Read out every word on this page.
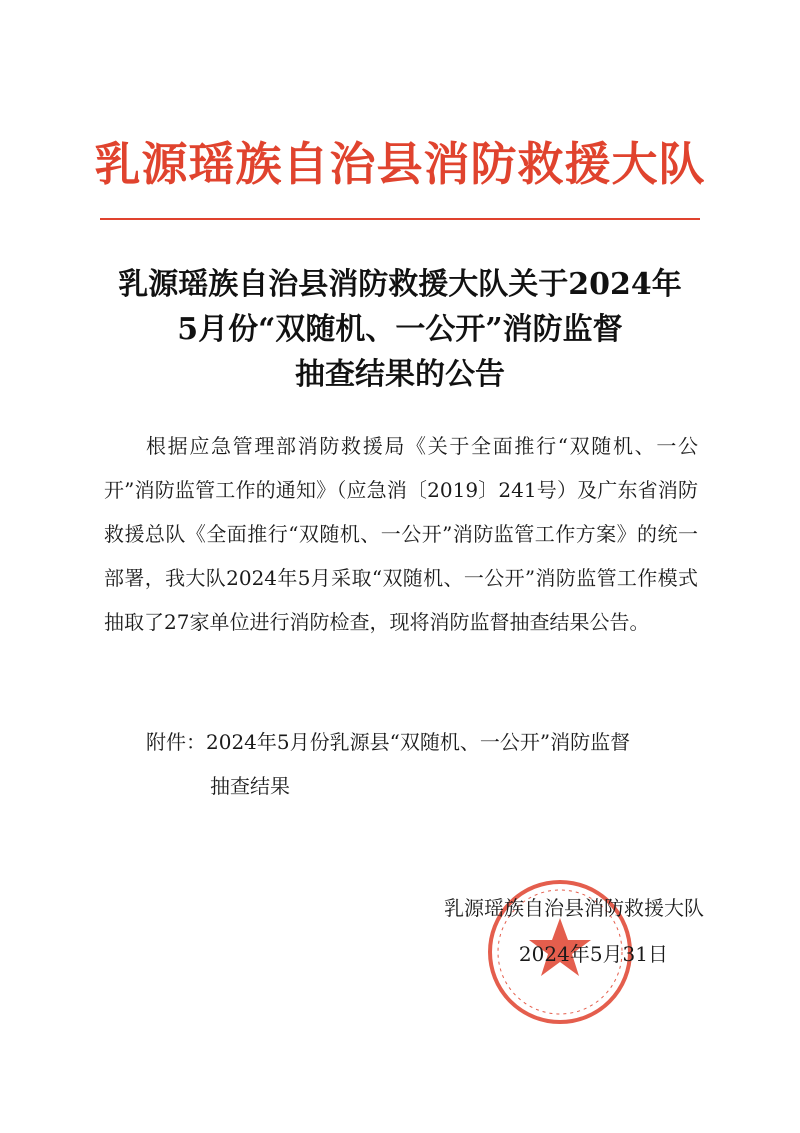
乳源瑶族自治县消防救援大队
乳源瑶族自治县消防救援大队关于2024年
5月份“双随机、一公开”消防监督
抽查结果的公告
根据应急管理部消防救援局《关于全面推行“双随机、一公开”消防监管工作的通知》（应急消〔2019〕241号）及广东省消防救援总队《全面推行“双随机、一公开”消防监管工作方案》的统一部署，我大队2024年5月采取“双随机、一公开”消防监管工作模式抽取了27家单位进行消防检查，现将消防监督抽查结果公告。
附件：2024年5月份乳源县“双随机、一公开”消防监督
抽查结果
乳源瑶族自治县消防救援大队
2024年5月31日
